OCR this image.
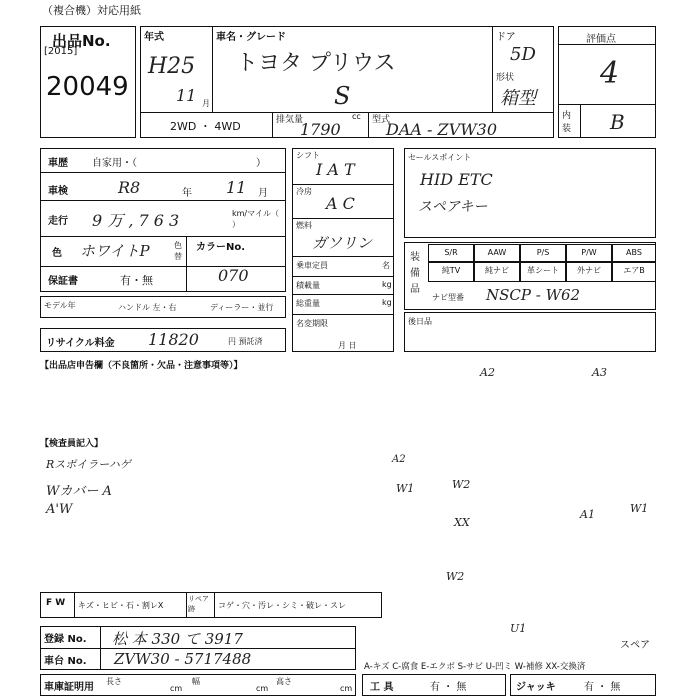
（複合機）対応用紙
出品No.
[2015]
20049
年式
H25
11 月
車名・グレード
トヨタ プリウス
S
ドア
5D
形状
箱型
2WD ・ 4WD	排気量	cc
1790	型式
DAA - ZVW30
評価点
4
内装 B
車歴 自家用・（	）
車検	R8	年 11 月
走行 9 万 , 7 6 3	km/マイル（ ）
色 ホワイトP	色替
カラーNo.
070
保証書	有・無
モデル年	ハンドル 左・右	ディーラー・並行
リサイクル料金 11820	円 預託済
シフト
I A T
冷房
A C
燃料
ガソリン
乗車定員	名
積載量	kg
総重量	kg
名変期限
月 日
セールスポイント
HID ETC
スペアキー
装備品
S/R	AAW	P/S	P/W	ABS
純TV	純ナビ	革シート	外ナビ	エアB
ナビ型番 NSCP - W62
後日品
【出品店申告欄（不良箇所・欠品・注意事項等）】
【検査員記入】
Rスポイラーハゲ
Wカバー A
A'W
A2	A3
A2
W1	W2
A1	W1
XX
W2
U1
スペア
F W キズ・ヒビ・石・割レX
リペア跡	コゲ・穴・汚レ・シミ・破レ・スレ
登録 No. 松 本 330 て 3917
車台 No. ZVW30 - 5717488	A-キズ C-腐食 E-エクボ S-サビ U-凹ミ W-補修 XX-交換済
車庫証明用
長さ
cm
幅
cm
高さ
cm 工 具	有 ・ 無	ジャッキ	有 ・ 無
